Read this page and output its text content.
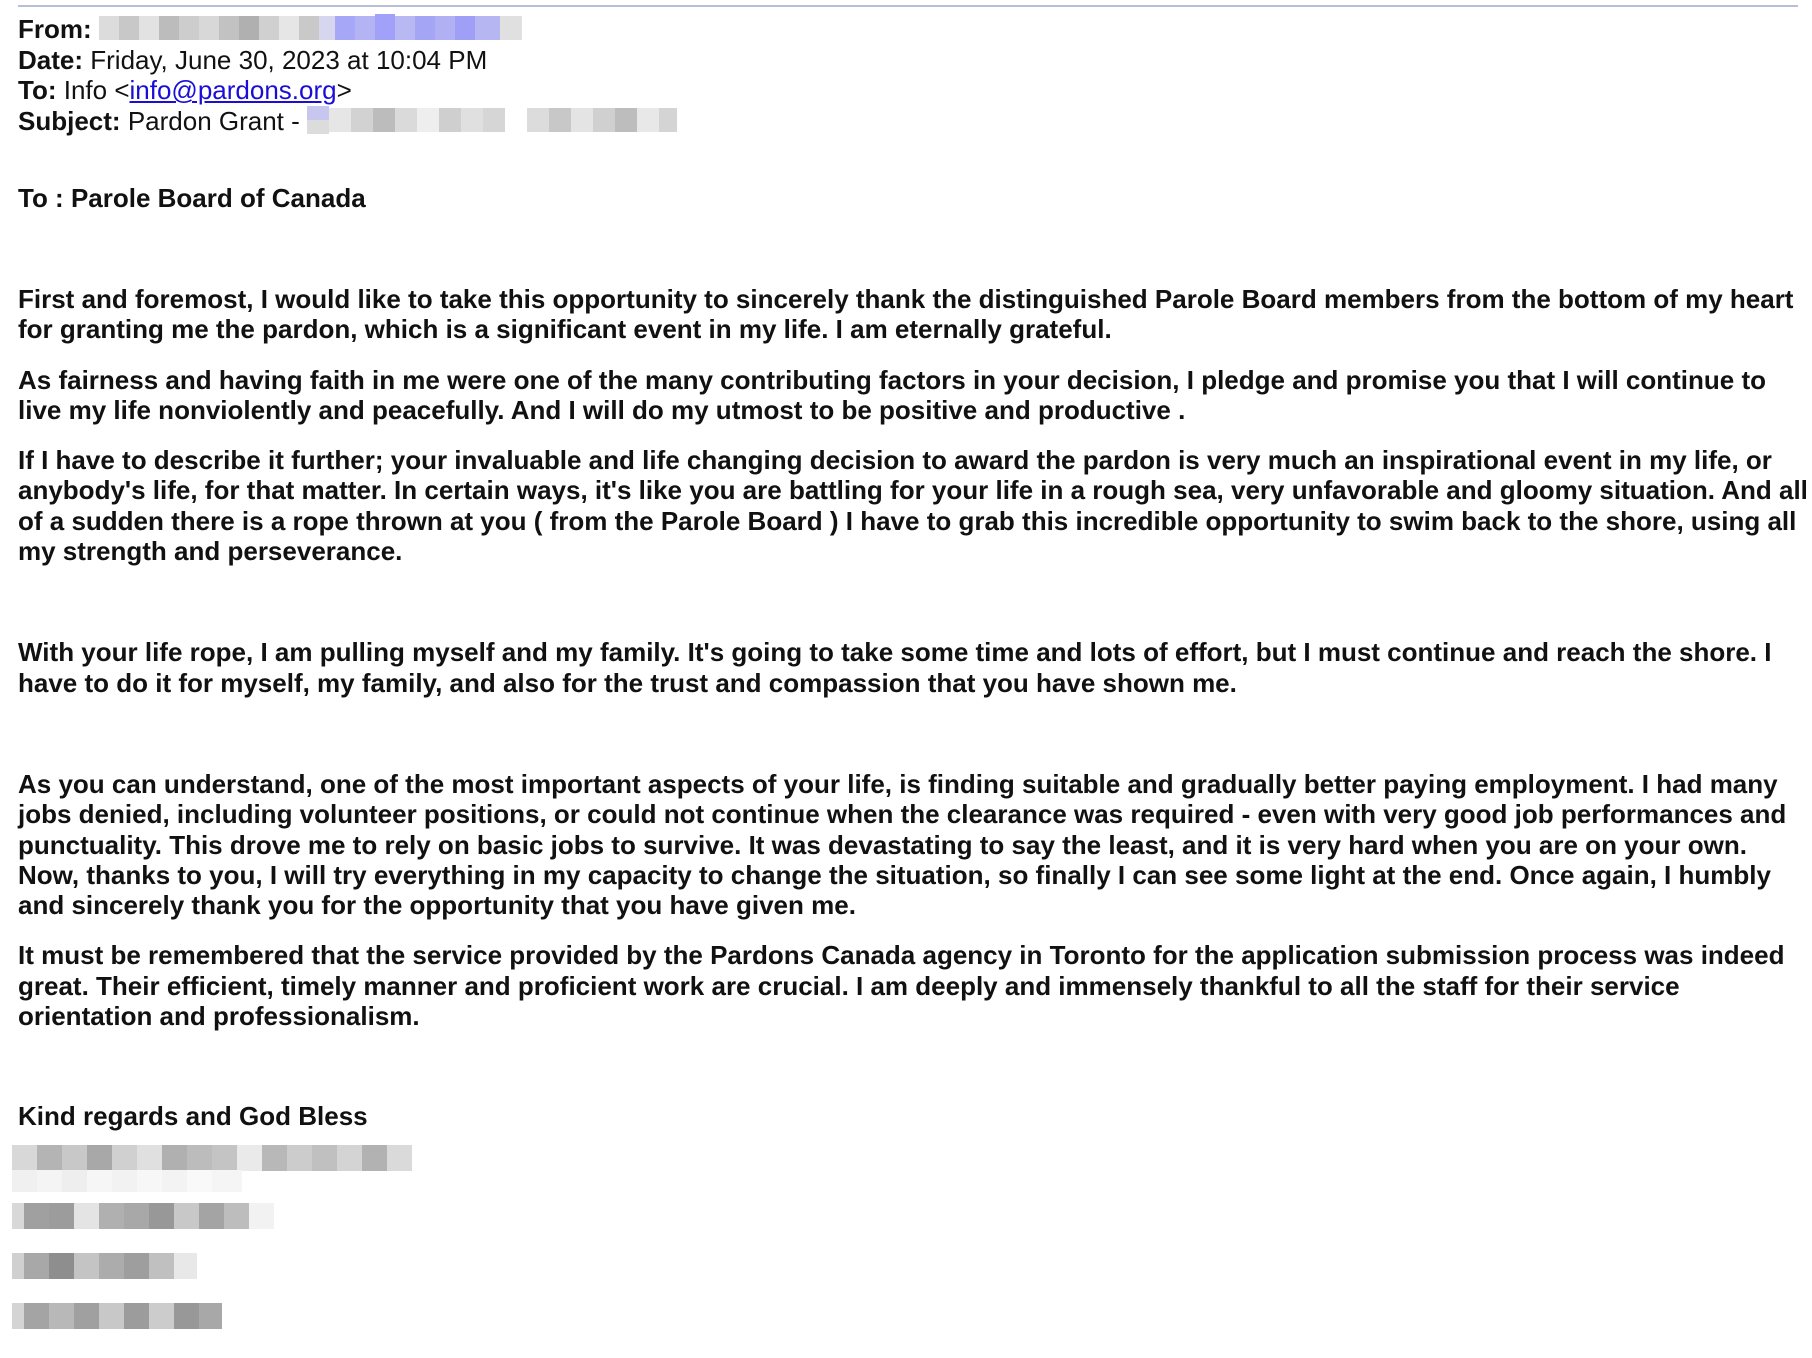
From:
Date: Friday, June 30, 2023 at 10:04 PM
To: Info <info@pardons.org>
Subject: Pardon Grant -

To : Parole Board of Canada

First and foremost, I would like to take this opportunity to sincerely thank the distinguished Parole Board members from the bottom of my heart for granting me the pardon, which is a significant event in my life. I am eternally grateful.

As fairness and having faith in me were one of the many contributing factors in your decision, I pledge and promise you that I will continue to live my life nonviolently and peacefully. And I will do my utmost to be positive and productive .

If I have to describe it further; your invaluable and life changing decision to award the pardon is very much an inspirational event in my life, or anybody's life, for that matter. In certain ways, it's like you are battling for your life in a rough sea, very unfavorable and gloomy situation. And all of a sudden there is a rope thrown at you ( from the Parole Board ) I have to grab this incredible opportunity to swim back to the shore, using all my strength and perseverance.

With your life rope, I am pulling myself and my family. It's going to take some time and lots of effort, but I must continue and reach the shore. I have to do it for myself, my family, and also for the trust and compassion that you have shown me.

As you can understand, one of the most important aspects of your life, is finding suitable and gradually better paying employment. I had many jobs denied, including volunteer positions, or could not continue when the clearance was required - even with very good job performances and punctuality. This drove me to rely on basic jobs to survive. It was devastating to say the least, and it is very hard when you are on your own. Now, thanks to you, I will try everything in my capacity to change the situation, so finally I can see some light at the end. Once again, I humbly and sincerely thank you for the opportunity that you have given me.

It must be remembered that the service provided by the Pardons Canada agency in Toronto for the application submission process was indeed great. Their efficient, timely manner and proficient work are crucial. I am deeply and immensely thankful to all the staff for their service orientation and professionalism.

Kind regards and God Bless
